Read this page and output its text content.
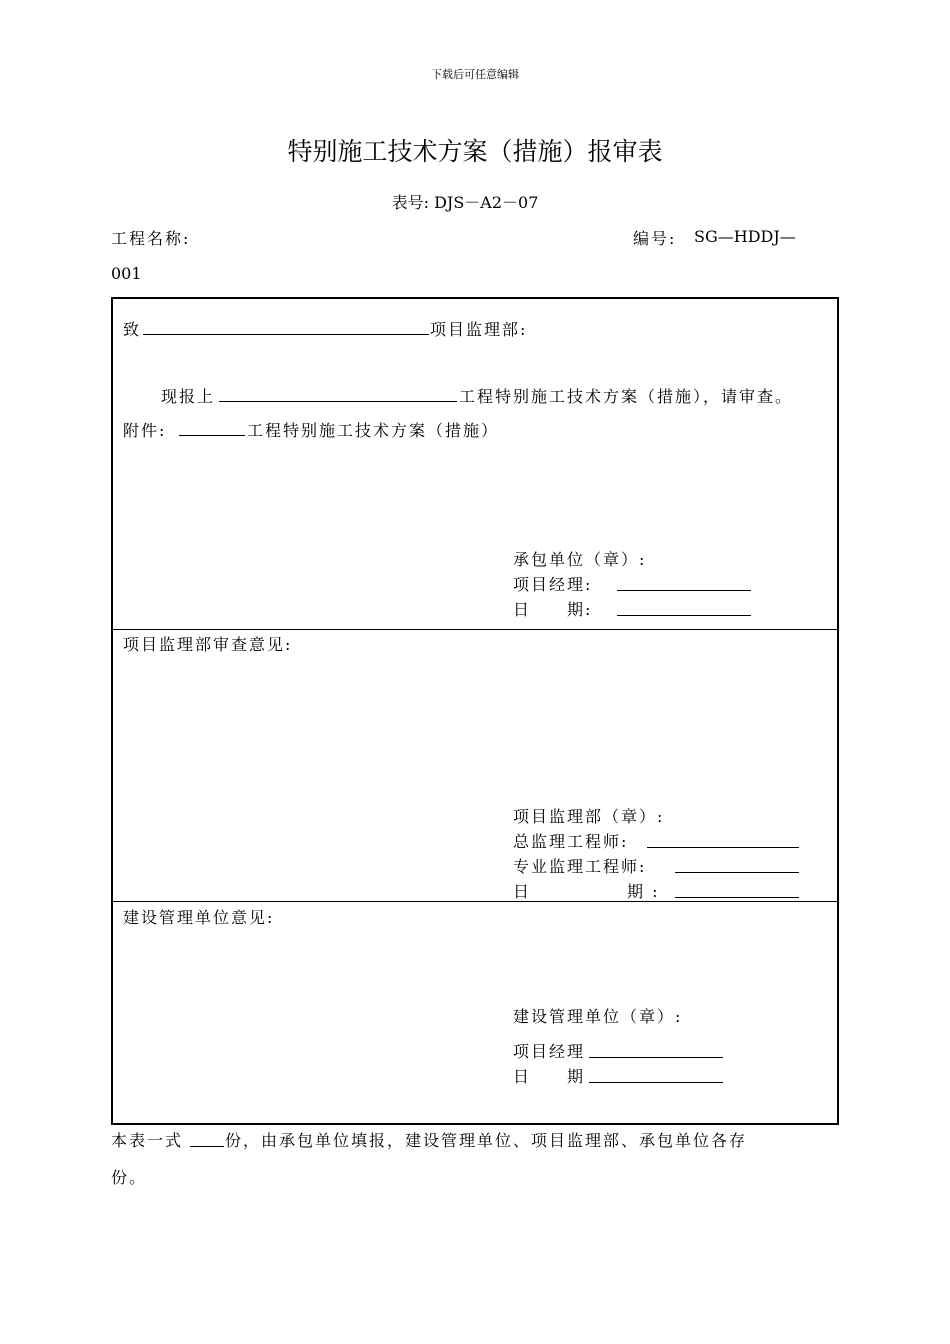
下载后可任意编辑
特别施工技术方案（措施）报审表
表号: DJS－A2－07
工程名称:	编号: SG—HDDJ—
001
致	项目监理部:
现报上	工程特别施工技术方案（措施），请审查。
附件:	工程特别施工技术方案（措施）
承包单位（章）:
项目经理:
日　　期:
项目监理部审查意见:
项目监理部（章）:
总监理工程师:
专业监理工程师:
日	期 :
建设管理单位意见:
建设管理单位（章）:
项目经理
日　　期
本表一式	份，由承包单位填报，建设管理单位、项目监理部、承包单位各存
份。
